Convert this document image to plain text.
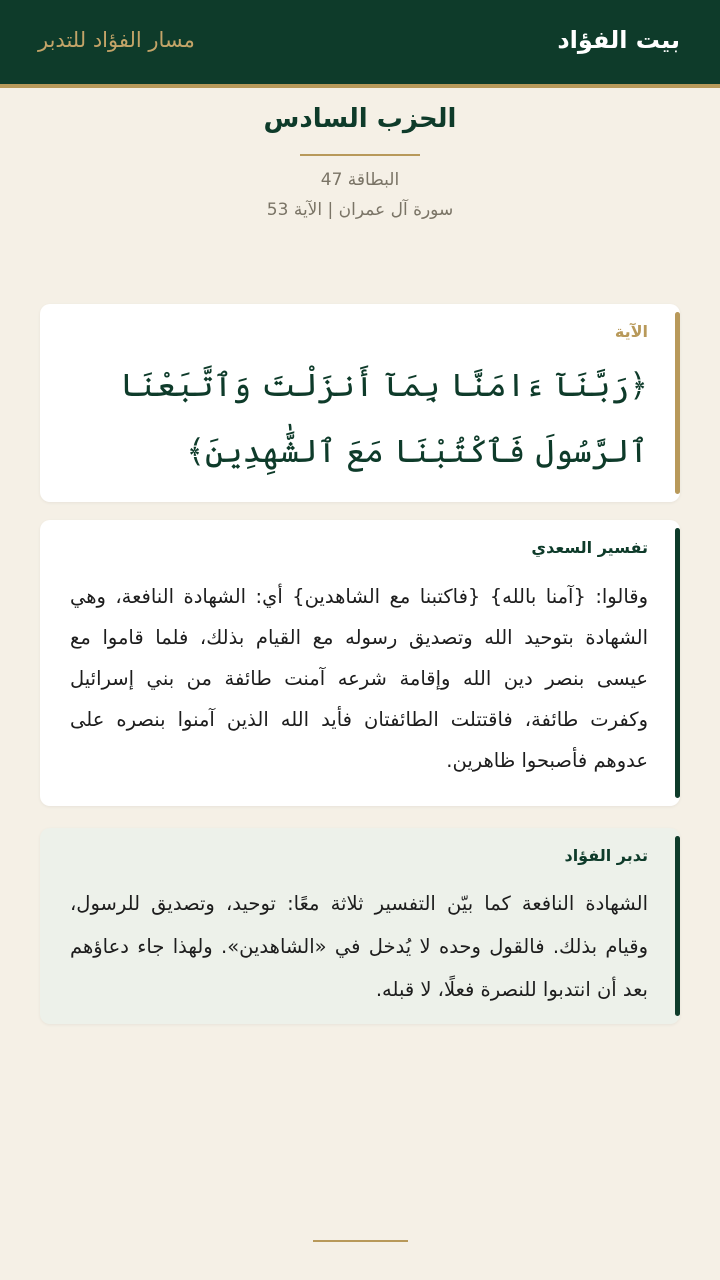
بيت الفؤاد
مسار الفؤاد للتدبر
الحزب السادس
البطاقة 47
سورة آل عمران | الآية 53
الآية
﴿رَبَّنَآ ءَامَنَّا بِمَآ أَنزَلْتَ وَٱتَّبَعْنَا ٱلرَّسُولَ فَٱكْتُبْنَا مَعَ ٱلشَّٰهِدِينَ﴾
تفسير السعدي
وقالوا: {آمنا بالله} {فاكتبنا مع الشاهدين} أي: الشهادة النافعة، وهي الشهادة بتوحيد الله وتصديق رسوله مع القيام بذلك، فلما قاموا مع عيسى بنصر دين الله وإقامة شرعه آمنت طائفة من بني إسرائيل وكفرت طائفة، فاقتتلت الطائفتان فأيد الله الذين آمنوا بنصره على عدوهم فأصبحوا ظاهرين.
تدبر الفؤاد
الشهادة النافعة كما بيّن التفسير ثلاثة معًا: توحيد، وتصديق للرسول، وقيام بذلك. فالقول وحده لا يُدخل في «الشاهدين». ولهذا جاء دعاؤهم بعد أن انتدبوا للنصرة فعلًا، لا قبله.
